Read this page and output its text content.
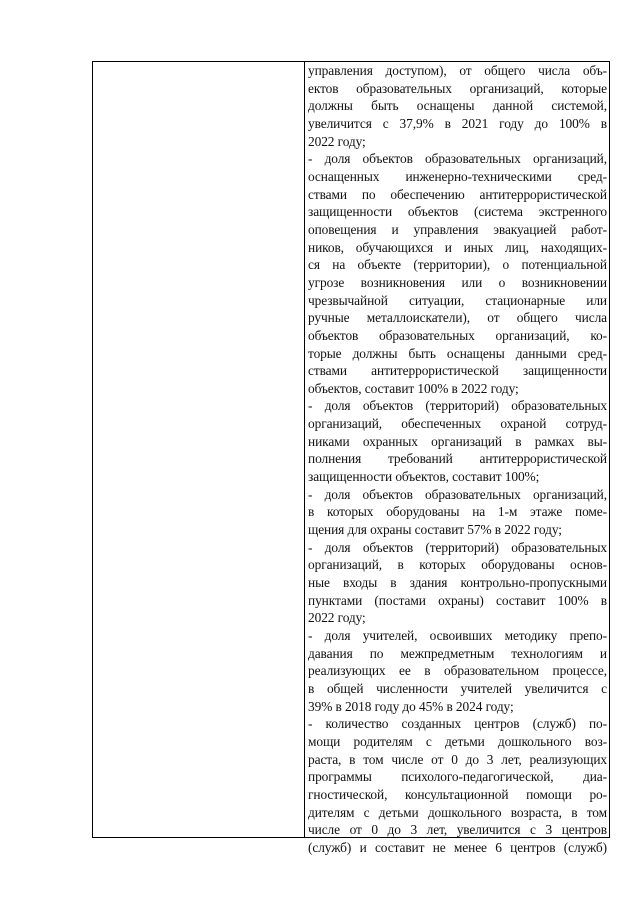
управления доступом), от общего числа объ-
ектов образовательных организаций, которые
должны быть оснащены данной системой,
увеличится с 37,9% в 2021 году до 100% в
2022 году;
- доля объектов образовательных организаций,
оснащенных инженерно-техническими сред-
ствами по обеспечению антитеррористической
защищенности объектов (система экстренного
оповещения и управления эвакуацией работ-
ников, обучающихся и иных лиц, находящих-
ся на объекте (территории), о потенциальной
угрозе возникновения или о возникновении
чрезвычайной ситуации, стационарные или
ручные металлоискатели), от общего числа
объектов образовательных организаций, ко-
торые должны быть оснащены данными сред-
ствами антитеррористической защищенности
объектов, составит 100% в 2022 году;
- доля объектов (территорий) образовательных
организаций, обеспеченных охраной сотруд-
никами охранных организаций в рамках вы-
полнения требований антитеррористической
защищенности объектов, составит 100%;
- доля объектов образовательных организаций,
в которых оборудованы на 1-м этаже поме-
щения для охраны составит 57% в 2022 году;
- доля объектов (территорий) образовательных
организаций, в которых оборудованы основ-
ные входы в здания контрольно-пропускными
пунктами (постами охраны) составит 100% в
2022 году;
- доля учителей, освоивших методику препо-
давания по межпредметным технологиям и
реализующих ее в образовательном процессе,
в общей численности учителей увеличится с
39% в 2018 году до 45% в 2024 году;
- количество созданных центров (служб) по-
мощи родителям с детьми дошкольного воз-
раста, в том числе от 0 до 3 лет, реализующих
программы психолого-педагогической, диа-
гностической, консультационной помощи ро-
дителям с детьми дошкольного возраста, в том
числе от 0 до 3 лет, увеличится с 3 центров
(служб) и составит не менее 6 центров (служб)
